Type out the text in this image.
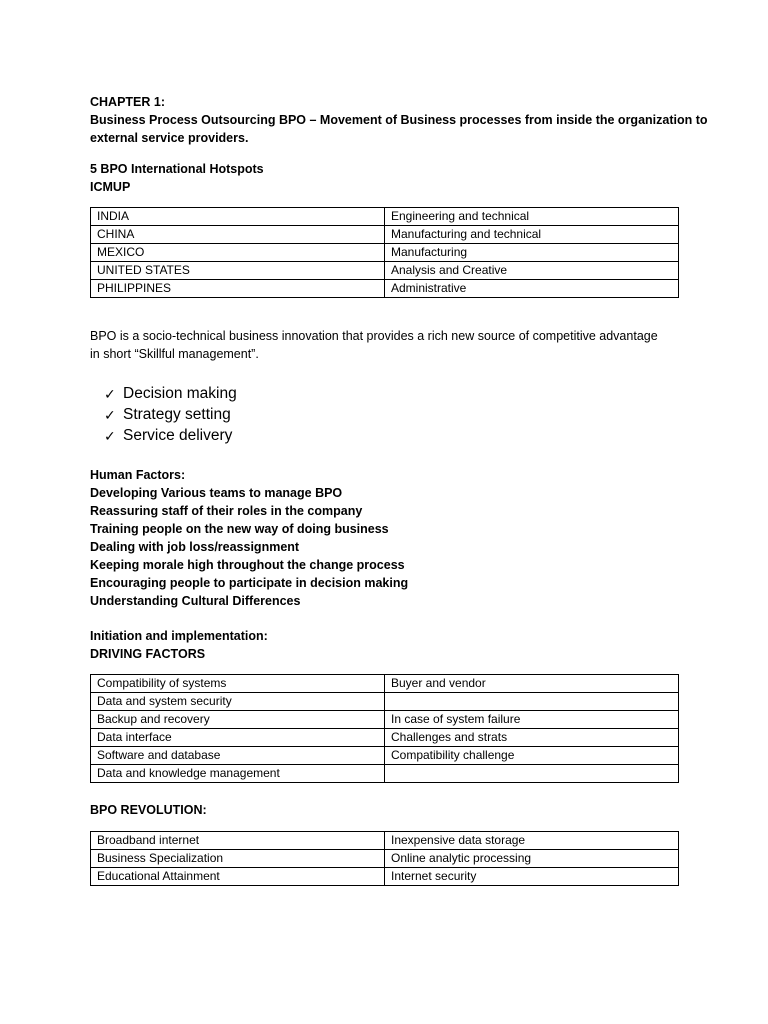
CHAPTER 1:
Business Process Outsourcing BPO – Movement of Business processes from inside the organization to
external service providers.
5 BPO International Hotspots
ICMUP
INDIA	Engineering and technical
CHINA	Manufacturing and technical
MEXICO	Manufacturing
UNITED STATES	Analysis and Creative
PHILIPPINES	Administrative
BPO is a socio-technical business innovation that provides a rich new source of competitive advantage
in short “Skillful management”.
✓ Decision making
✓ Strategy setting
✓ Service delivery
Human Factors:
Developing Various teams to manage BPO
Reassuring staff of their roles in the company
Training people on the new way of doing business
Dealing with job loss/reassignment
Keeping morale high throughout the change process
Encouraging people to participate in decision making
Understanding Cultural Differences
Initiation and implementation:
DRIVING FACTORS
Compatibility of systems	Buyer and vendor
Data and system security	
Backup and recovery	In case of system failure
Data interface	Challenges and strats
Software and database	Compatibility challenge
Data and knowledge management	
BPO REVOLUTION:
Broadband internet	Inexpensive data storage
Business Specialization	Online analytic processing
Educational Attainment	Internet security
